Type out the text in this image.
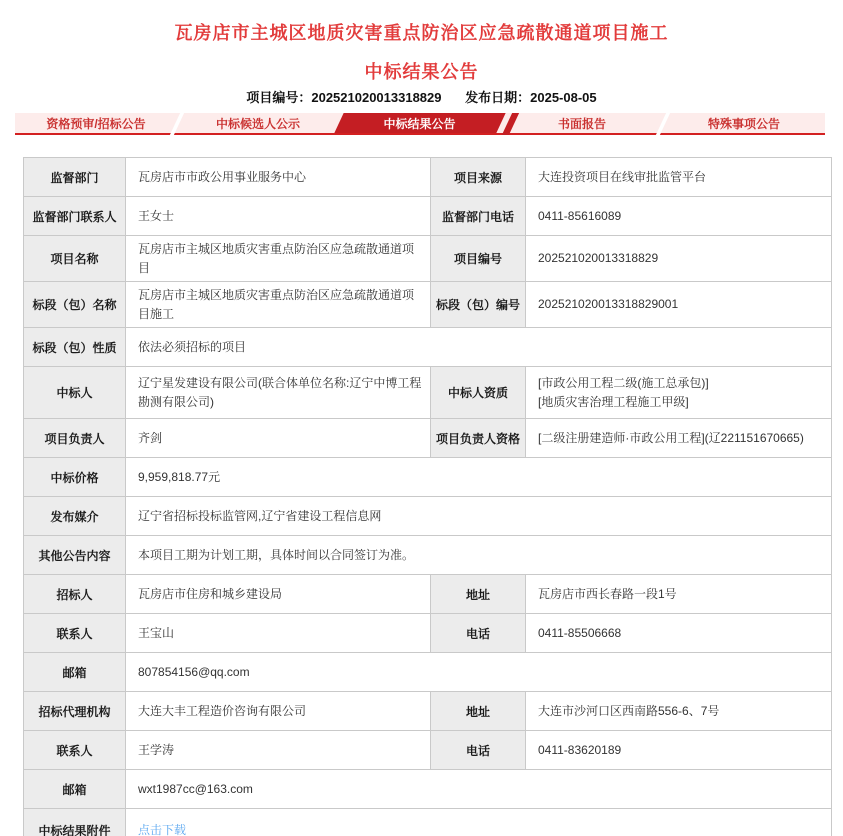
瓦房店市主城区地质灾害重点防治区应急疏散通道项目施工
中标结果公告
项目编号：202521020013318829 发布日期：2025-08-05
资格预审/招标公告	中标候选人公示	中标结果公告	书面报告	特殊事项公告
监督部门	瓦房店市市政公用事业服务中心	项目来源	大连投资项目在线审批监管平台
监督部门联系人	王女士	监督部门电话	0411-85616089
项目名称	瓦房店市主城区地质灾害重点防治区应急疏散通道项目	项目编号	202521020013318829
标段（包）名称	瓦房店市主城区地质灾害重点防治区应急疏散通道项目施工	标段（包）编号	202521020013318829001
标段（包）性质	依法必须招标的项目		
中标人	辽宁星发建设有限公司(联合体单位名称:辽宁中博工程勘测有限公司)	中标人资质	[市政公用工程二级(施工总承包)]
[地质灾害治理工程施工甲级]

项目负责人	齐剑	项目负责人资格	[二级注册建造师·市政公用工程](辽221151670665)
中标价格	9,959,818.77元		
发布媒介	辽宁省招标投标监管网,辽宁省建设工程信息网		
其他公告内容	本项目工期为计划工期，具体时间以合同签订为准。		
招标人	瓦房店市住房和城乡建设局	地址	瓦房店市西长春路一段1号
联系人	王宝山	电话	0411-85506668
邮箱	807854156@qq.com		
招标代理机构	大连大丰工程造价咨询有限公司	地址	大连市沙河口区西南路556-6、7号
联系人	王学涛	电话	0411-83620189
邮箱	wxt1987cc@163.com		
中标结果附件	点击下载		
